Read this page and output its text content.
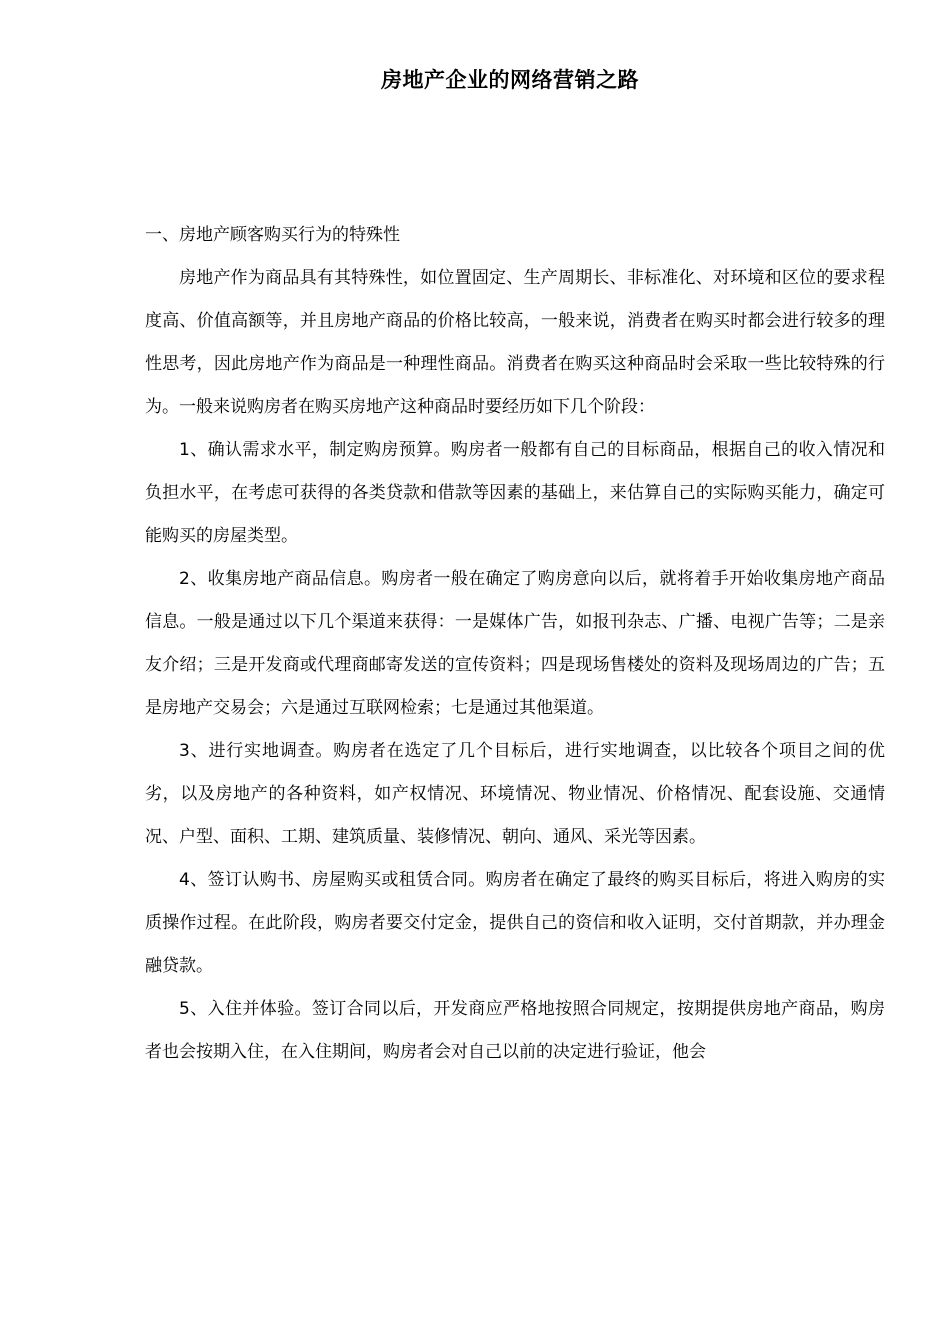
房地产企业的网络营销之路

一、房地产顾客购买行为的特殊性

房地产作为商品具有其特殊性，如位置固定、生产周期长、非标准化、对环境和区位的要求程度高、价值高额等，并且房地产商品的价格比较高，一般来说，消费者在购买时都会进行较多的理性思考，因此房地产作为商品是一种理性商品。消费者在购买这种商品时会采取一些比较特殊的行为。一般来说购房者在购买房地产这种商品时要经历如下几个阶段：

1、确认需求水平，制定购房预算。购房者一般都有自己的目标商品，根据自己的收入情况和负担水平，在考虑可获得的各类贷款和借款等因素的基础上，来估算自己的实际购买能力，确定可能购买的房屋类型。

2、收集房地产商品信息。购房者一般在确定了购房意向以后，就将着手开始收集房地产商品信息。一般是通过以下几个渠道来获得：一是媒体广告，如报刊杂志、广播、电视广告等；二是亲友介绍；三是开发商或代理商邮寄发送的宣传资料；四是现场售楼处的资料及现场周边的广告；五是房地产交易会；六是通过互联网检索；七是通过其他渠道。

3、进行实地调查。购房者在选定了几个目标后，进行实地调查，以比较各个项目之间的优劣，以及房地产的各种资料，如产权情况、环境情况、物业情况、价格情况、配套设施、交通情况、户型、面积、工期、建筑质量、装修情况、朝向、通风、采光等因素。

4、签订认购书、房屋购买或租赁合同。购房者在确定了最终的购买目标后，将进入购房的实质操作过程。在此阶段，购房者要交付定金，提供自己的资信和收入证明，交付首期款，并办理金融贷款。

5、入住并体验。签订合同以后，开发商应严格地按照合同规定，按期提供房地产商品，购房者也会按期入住，在入住期间，购房者会对自己以前的决定进行验证，他会
